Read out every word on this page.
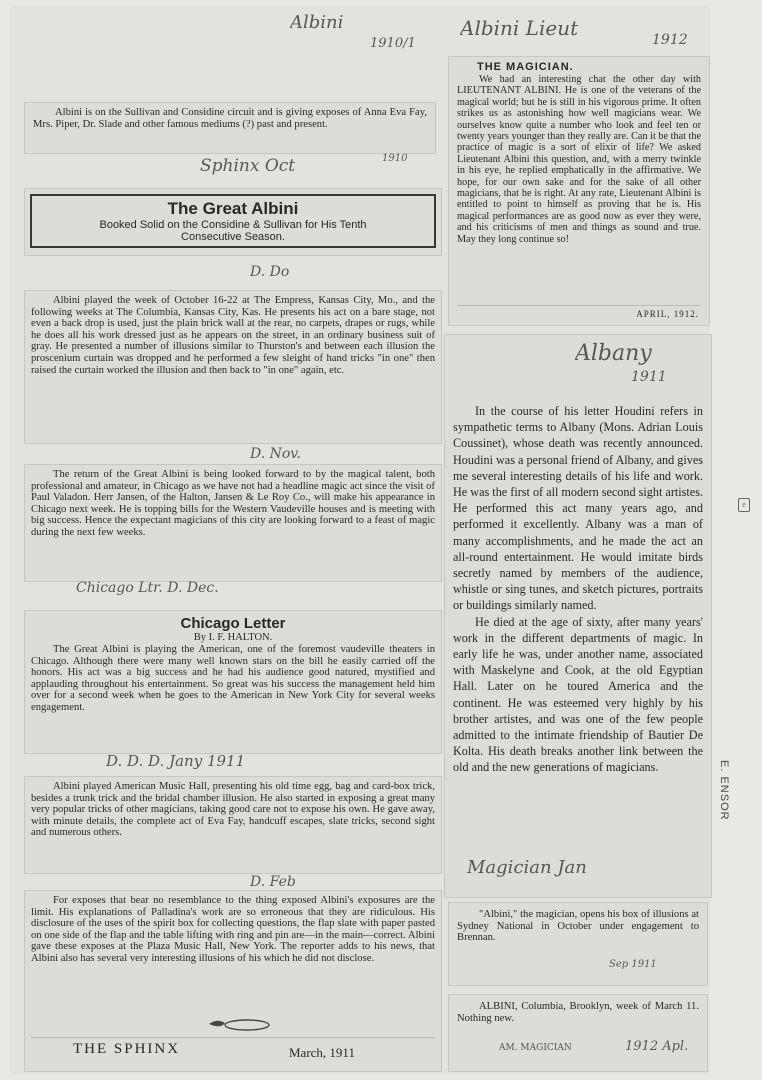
Albini
1910/1

Albini is on the Sullivan and Considine circuit and is giving exposes of Anna Eva Fay, Mrs. Piper, Dr. Slade and other famous mediums (?) past and present.

Sphinx Oct	1910
The Great Albini
Booked Solid on the Considine & Sullivan for His Tenth Consecutive Season.
D. Do

Albini played the week of October 16-22 at The Empress, Kansas City, Mo., and the following weeks at The Columbia, Kansas City, Kas. He presents his act on a bare stage, not even a back drop is used, just the plain brick wall at the rear, no carpets, drapes or rugs, while he does all his work dressed just as he appears on the street, in an ordinary business suit of gray. He presented a number of illusions similar to Thurston's and between each illusion the proscenium curtain was dropped and he performed a few sleight of hand tricks "in one" then raised the curtain worked the illusion and then back to "in one" again, etc.

D. Nov.

The return of the Great Albini is being looked forward to by the magical talent, both professional and amateur, in Chicago as we have not had a headline magic act since the visit of Paul Valadon. Herr Jansen, of the Halton, Jansen & Le Roy Co., will make his appearance in Chicago next week. He is topping bills for the Western Vaudeville houses and is meeting with big success. Hence the expectant magicians of this city are looking forward to a feast of magic during the next few weeks.

Chicago Ltr. D. Dec.
Chicago Letter
By I. F. HALTON.

The Great Albini is playing the American, one of the foremost vaudeville theaters in Chicago. Although there were many well known stars on the bill he easily carried off the honors. His act was a big success and he had his audience good natured, mystified and applauding throughout his entertainment. So great was his success the management held him over for a second week when he goes to the American in New York City for several weeks engagement.

D. D. D. Jany 1911

Albini played American Music Hall, presenting his old time egg, bag and card-box trick, besides a trunk trick and the bridal chamber illusion. He also started in exposing a great many very popular tricks of other magicians, taking good care not to expose his own. He gave away, with minute details, the complete act of Eva Fay, handcuff escapes, slate tricks, second sight and numerous others.

D. Feb

For exposes that bear no resemblance to the thing exposed Albini's exposures are the limit. His explanations of Palladina's work are so erroneous that they are ridiculous. His disclosure of the uses of the spirit box for collecting questions, the flap slate with paper pasted on one side of the flap and the table lifting with ring and pin are—in the main—correct. Albini gave these exposes at the Plaza Music Hall, New York. The reporter adds to his news, that Albini also has several very interesting illusions of his which he did not disclose.

THE SPHINX	March, 1911
Albini Lieut	1912
THE MAGICIAN.

We had an interesting chat the other day with LIEUTENANT ALBINI. He is one of the veterans of the magical world; but he is still in his vigorous prime. It often strikes us as astonishing how well magicians wear. We ourselves know quite a number who look and feel ten or twenty years younger than they really are. Can it be that the practice of magic is a sort of elixir of life? We asked Lieutenant Albini this question, and, with a merry twinkle in his eye, he replied emphatically in the affirmative. We hope, for our own sake and for the sake of all other magicians, that he is right. At any rate, Lieutenant Albini is entitled to point to himself as proving that he is. His magical performances are as good now as ever they were, and his criticisms of men and things as sound and true. May they long continue so!

APRIL, 1912.
Albany
1911

In the course of his letter Houdini refers in sympathetic terms to Albany (Mons. Adrian Louis Coussinet), whose death was recently announced. Houdini was a personal friend of Albany, and gives me several interesting details of his life and work. He was the first of all modern second sight artistes. He performed this act many years ago, and performed it excellently. Albany was a man of many accomplishments, and he made the act an all-round entertainment. He would imitate birds secretly named by members of the audience, whistle or sing tunes, and sketch pictures, portraits or buildings similarly named.

He died at the age of sixty, after many years' work in the different departments of magic. In early life he was, under another name, associated with Maskelyne and Cook, at the old Egyptian Hall. Later on he toured America and the continent. He was esteemed very highly by his brother artistes, and was one of the few people admitted to the intimate friendship of Bautier De Kolta. His death breaks another link between the old and the new generations of magicians.

Magician Jan

"Albini," the magician, opens his box of illusions at Sydney National in October under engagement to Brennan.

Sep 1911

ALBINI, Columbia, Brooklyn, week of March 11. Nothing new.

AM. MAGICIAN	1912 Apl.
e
E. ENSOR
